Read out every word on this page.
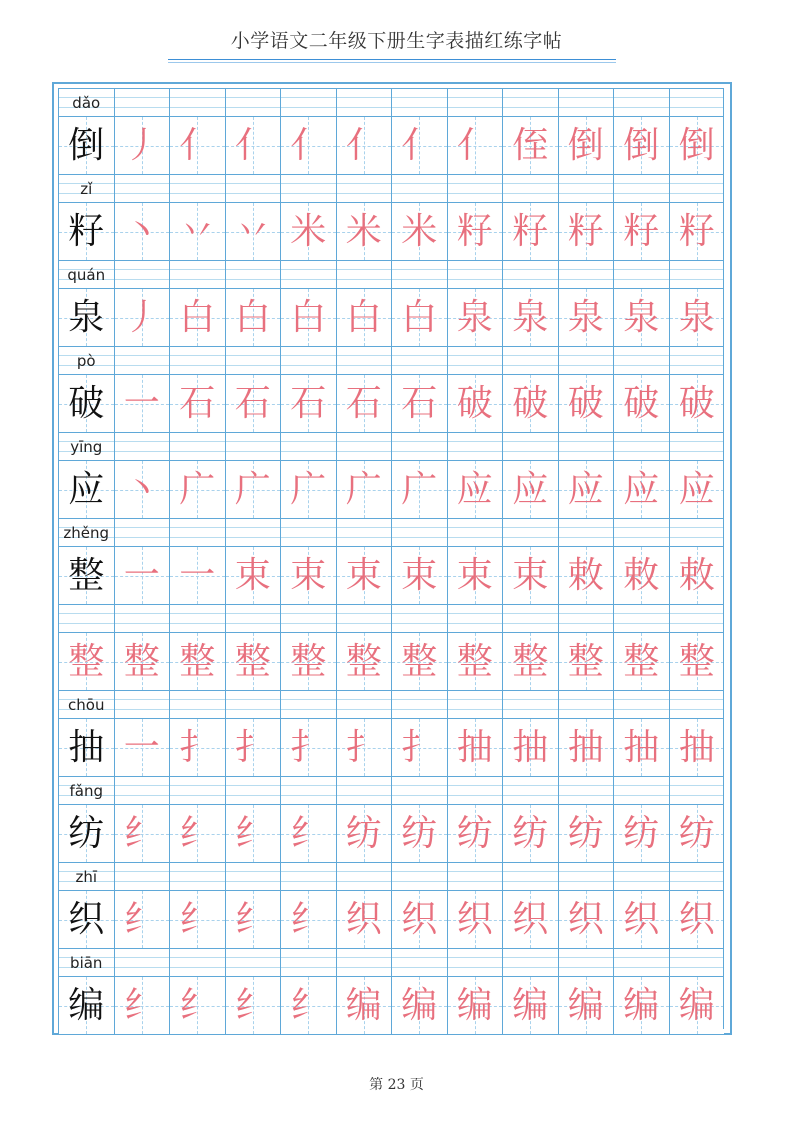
小学语文二年级下册生字表描红练字帖
dǎo
倒 丿 亻 亻 亻 亻 亻 亻 侄 倒 倒 倒
zǐ
籽 丶 丷 丷 米 米 米 籽 籽 籽 籽 籽
quán
泉 丿 白 白 白 白 白 泉 泉 泉 泉 泉
pò
破 一 石 石 石 石 石 破 破 破 破 破
yīng
应 丶 广 广 广 广 广 应 应 应 应 应
zhěng
整 一 一 束 束 束 束 束 束 敕 敕 敕
整 整 整 整 整 整 整 整 整 整 整 整
chōu
抽 一 扌 扌 扌 扌 扌 抽 抽 抽 抽 抽
fǎng
纺 纟 纟 纟 纟 纺 纺 纺 纺 纺 纺 纺
zhī
织 纟 纟 纟 纟 织 织 织 织 织 织 织
biān
编 纟 纟 纟 纟 编 编 编 编 编 编 编
第 23 页
